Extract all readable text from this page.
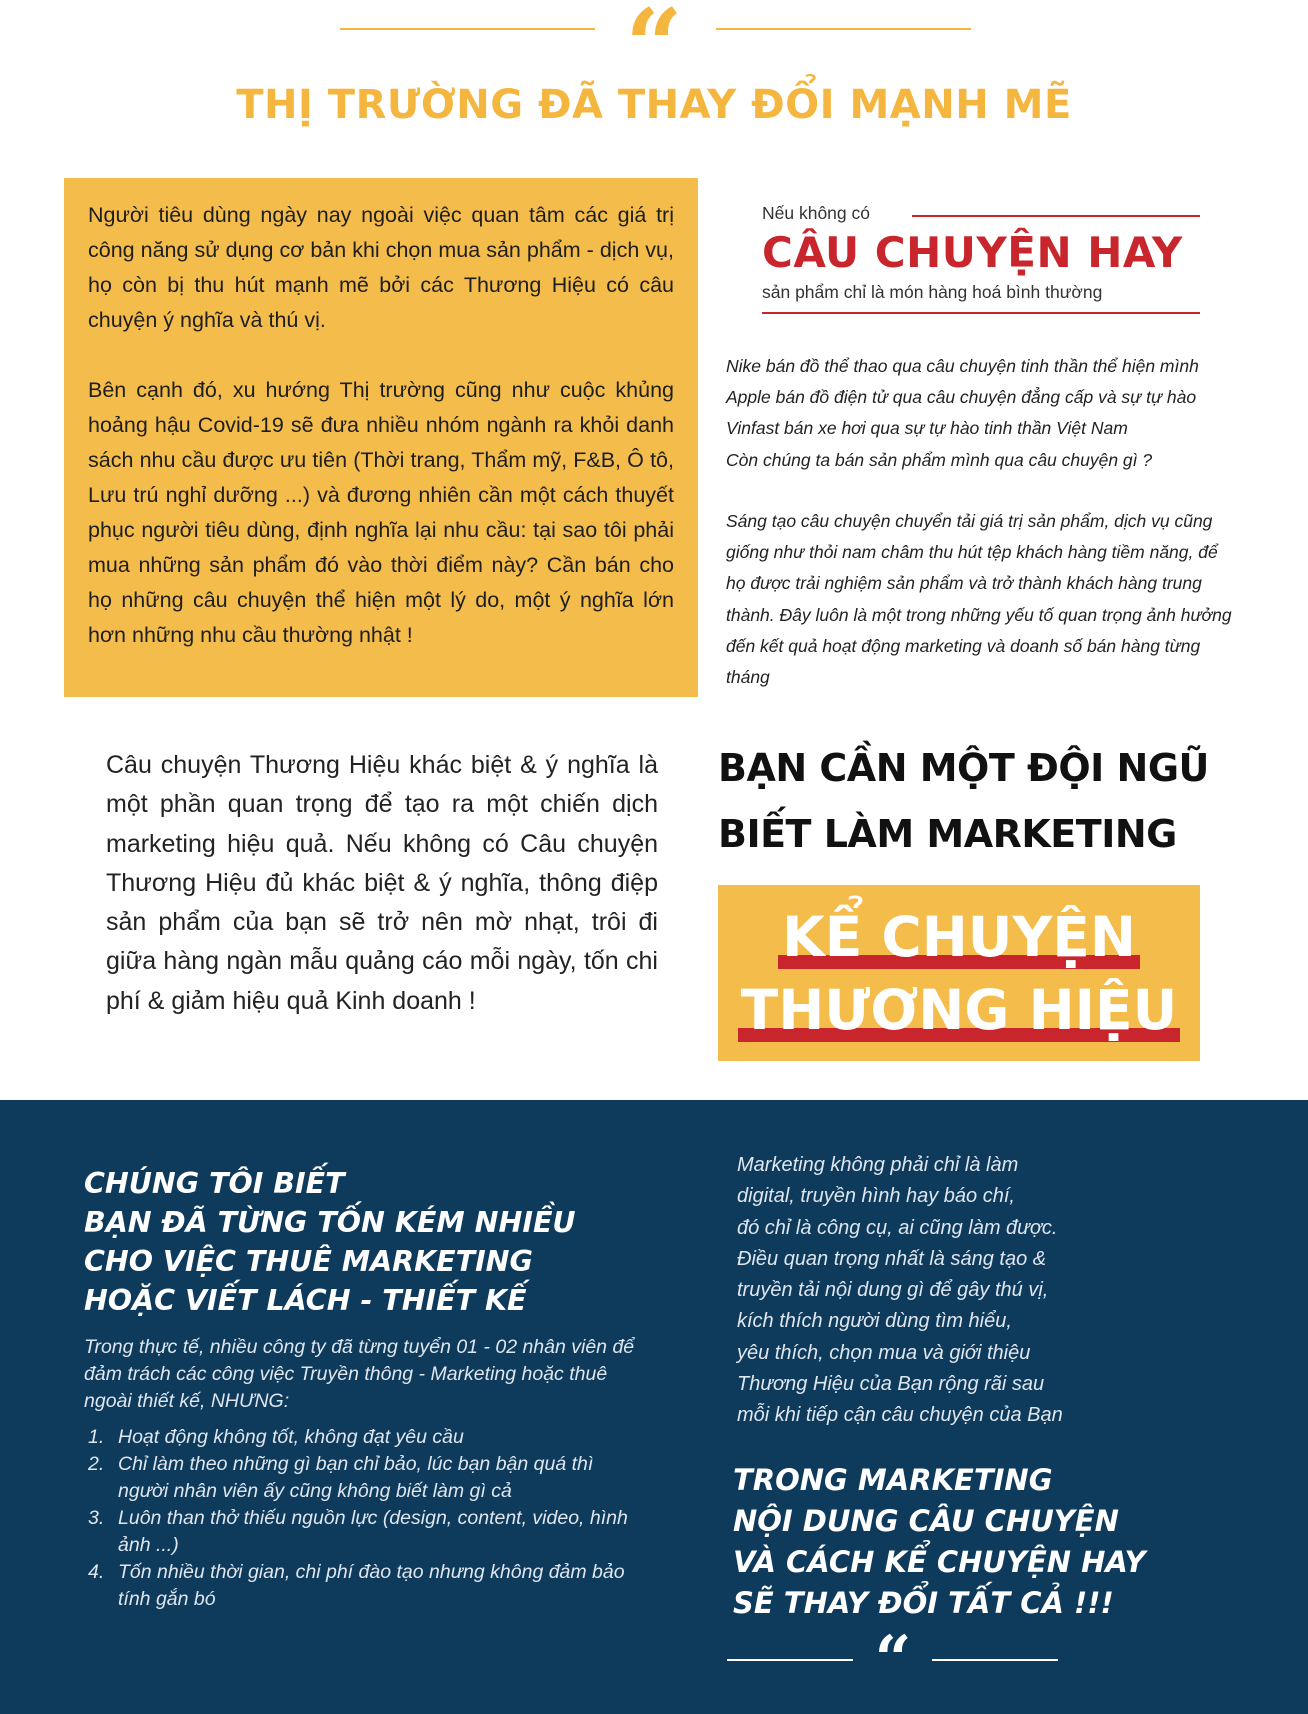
“
THỊ TRƯỜNG ĐÃ THAY ĐỔI MẠNH MẼ

Người tiêu dùng ngày nay ngoài việc quan tâm các giá trị công năng sử dụng cơ bản khi chọn mua sản phẩm - dịch vụ, họ còn bị thu hút mạnh mẽ bởi các Thương Hiệu có câu chuyện ý nghĩa và thú vị.

Bên cạnh đó, xu hướng Thị trường cũng như cuộc khủng hoảng hậu Covid-19 sẽ đưa nhiều nhóm ngành ra khỏi danh sách nhu cầu được ưu tiên (Thời trang, Thẩm mỹ, F&B, Ô tô, Lưu trú nghỉ dưỡng ...) và đương nhiên cần một cách thuyết phục người tiêu dùng, định nghĩa lại nhu cầu: tại sao tôi phải mua những sản phẩm đó vào thời điểm này? Cần bán cho họ những câu chuyện thể hiện một lý do, một ý nghĩa lớn hơn những nhu cầu thường nhật !

Nếu không có
CÂU CHUYỆN HAY
sản phẩm chỉ là món hàng hoá bình thường
Nike bán đồ thể thao qua câu chuyện tinh thần thể hiện mình
Apple bán đồ điện tử qua câu chuyện đẳng cấp và sự tự hào
Vinfast bán xe hơi qua sự tự hào tinh thần Việt Nam
Còn chúng ta bán sản phẩm mình qua câu chuyện gì ?
Sáng tạo câu chuyện chuyển tải giá trị sản phẩm, dịch vụ cũng giống như thỏi nam châm thu hút tệp khách hàng tiềm năng, để họ được trải nghiệm sản phẩm và trở thành khách hàng trung thành. Đây luôn là một trong những yếu tố quan trọng ảnh hưởng đến kết quả hoạt động marketing và doanh số bán hàng từng tháng
Câu chuyện Thương Hiệu khác biệt & ý nghĩa là một phần quan trọng để tạo ra một chiến dịch marketing hiệu quả. Nếu không có Câu chuyện Thương Hiệu đủ khác biệt & ý nghĩa, thông điệp sản phẩm của bạn sẽ trở nên mờ nhạt, trôi đi giữa hàng ngàn mẫu quảng cáo mỗi ngày, tốn chi phí & giảm hiệu quả Kinh doanh !
BẠN CẦN MỘT ĐỘI NGŨ
BIẾT LÀM MARKETING
KỂ CHUYỆN
THƯƠNG HIỆU
CHÚNG TÔI BIẾT
BẠN ĐÃ TỪNG TỐN KÉM NHIỀU
CHO VIỆC THUÊ MARKETING
HOẶC VIẾT LÁCH - THIẾT KẾ
Trong thực tế, nhiều công ty đã từng tuyển 01 - 02 nhân viên để đảm trách các công việc Truyền thông - Marketing hoặc thuê ngoài thiết kế, NHƯNG:
1. Hoạt động không tốt, không đạt yêu cầu
2. Chỉ làm theo những gì bạn chỉ bảo, lúc bạn bận quá thì người nhân viên ấy cũng không biết làm gì cả
3. Luôn than thở thiếu nguồn lực (design, content, video, hình ảnh ...)
4. Tốn nhiều thời gian, chi phí đào tạo nhưng không đảm bảo tính gắn bó
Marketing không phải chỉ là làm
digital, truyền hình hay báo chí,
đó chỉ là công cụ, ai cũng làm được.
Điều quan trọng nhất là sáng tạo &
truyền tải nội dung gì để gây thú vị,
kích thích người dùng tìm hiểu,
yêu thích, chọn mua và giới thiệu
Thương Hiệu của Bạn rộng rãi sau
mỗi khi tiếp cận câu chuyện của Bạn
TRONG MARKETING
NỘI DUNG CÂU CHUYỆN
VÀ CÁCH KỂ CHUYỆN HAY
SẼ THAY ĐỔI TẤT CẢ !!!
“
